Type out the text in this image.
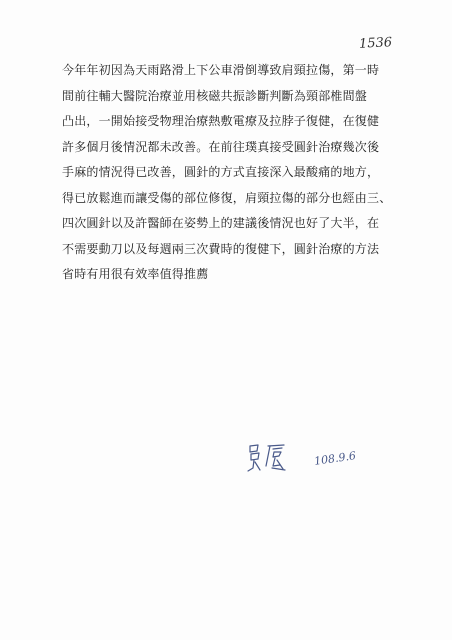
1536
今年年初因為天雨路滑上下公車滑倒導致肩頸拉傷，第一時
間前往輔大醫院治療並用核磁共振診斷判斷為頸部椎間盤
凸出，一開始接受物理治療熱敷電療及拉脖子復健，在復健
許多個月後情況都未改善。在前往璞真接受圓針治療幾次後
手麻的情況得已改善，圓針的方式直接深入最酸痛的地方，
得已放鬆進而讓受傷的部位修復，肩頸拉傷的部分也經由三、
四次圓針以及許醫師在姿勢上的建議後情況也好了大半，在
不需要動刀以及每週兩三次費時的復健下，圓針治療的方法
省時有用很有效率值得推薦
108.9.6
